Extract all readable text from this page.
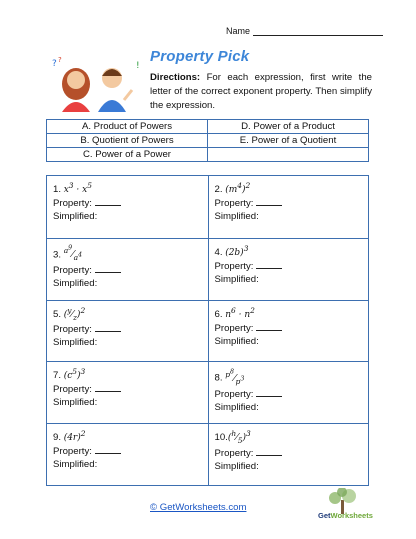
Name
? ?
!
Property Pick
Directions: For each expression, first write the letter of the correct exponent property. Then simplify the expression.
A. Product of Powers	D. Power of a Product
B. Quotient of Powers	E. Power of a Quotient
C. Power of a Power	
1. $x^3 \cdot x^5$
Property:
Simplified:
2. $(m^4)^2$
Property:
Simplified:
3. $^{a^9}⁄_{a^4}$
Property:
Simplified:
4. $(2b)^3$
Property:
Simplified:
5. $(^y⁄_z)^2$
Property:
Simplified:
6. $n^6 \cdot n^2$
Property:
Simplified:
7. $(c^5)^3$
Property:
Simplified:
8. $^{p^8}⁄_{p^3}$
Property:
Simplified:
9. $(4r)^2$
Property:
Simplified:
$10.(^h⁄_5)^3$
Property:
Simplified:
© GetWorksheets.com
GetWorksheets
